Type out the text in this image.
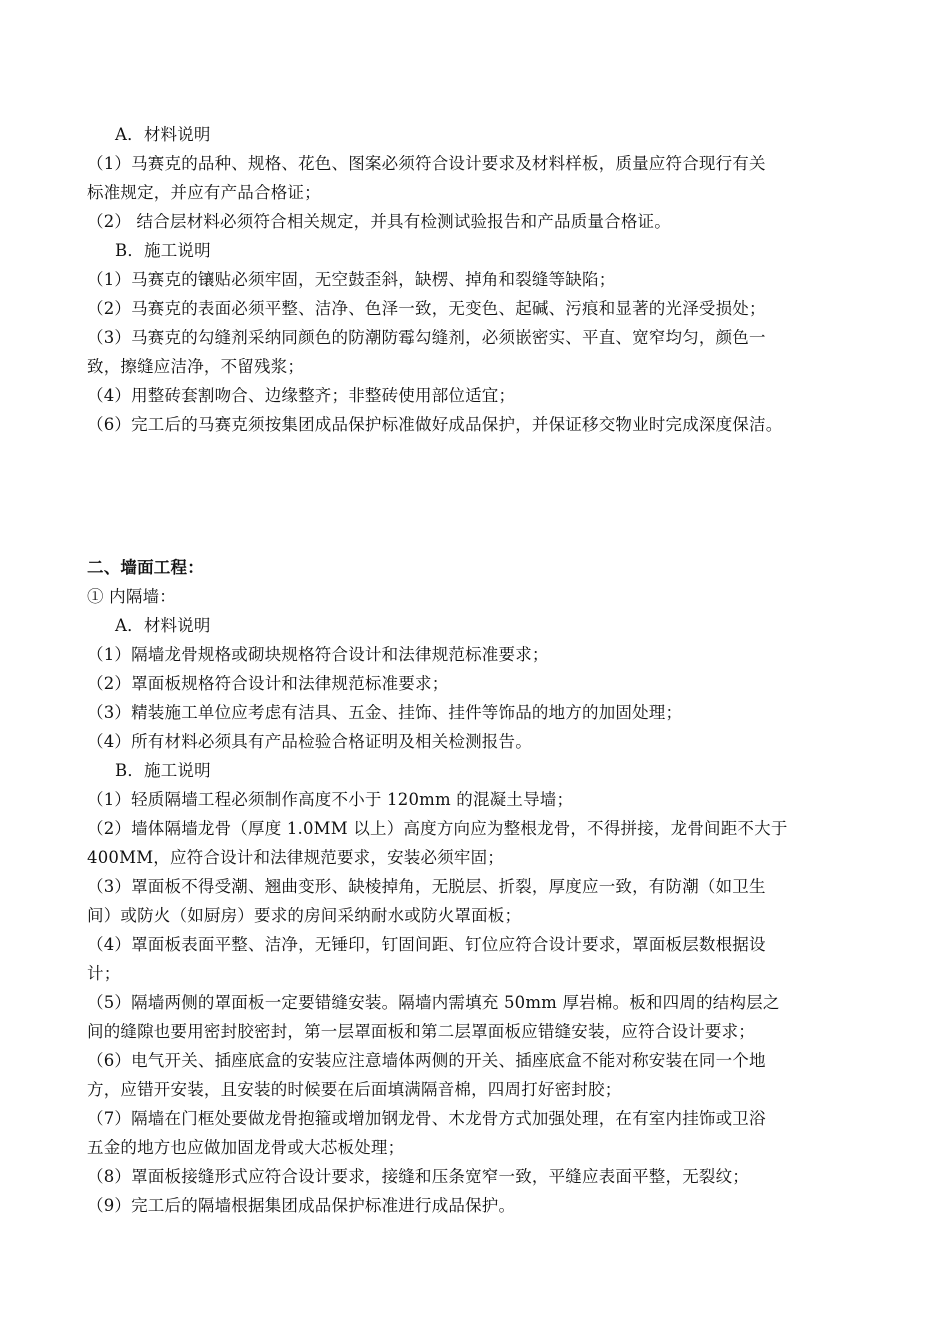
A．材料说明
（1）马赛克的品种、规格、花色、图案必须符合设计要求及材料样板，质量应符合现行有关
标准规定，并应有产品合格证；
（2） 结合层材料必须符合相关规定，并具有检测试验报告和产品质量合格证。
B．施工说明
（1）马赛克的镶贴必须牢固，无空鼓歪斜，缺楞、掉角和裂缝等缺陷；
（2）马赛克的表面必须平整、洁净、色泽一致，无变色、起碱、污痕和显著的光泽受损处；
（3）马赛克的勾缝剂采纳同颜色的防潮防霉勾缝剂，必须嵌密实、平直、宽窄均匀，颜色一
致，擦缝应洁净，不留残浆；
（4）用整砖套割吻合、边缘整齐；非整砖使用部位适宜；
（6）完工后的马赛克须按集团成品保护标准做好成品保护，并保证移交物业时完成深度保洁。
二、墙面工程：
① 内隔墙：
A．材料说明
（1）隔墙龙骨规格或砌块规格符合设计和法律规范标准要求；
（2）罩面板规格符合设计和法律规范标准要求；
（3）精装施工单位应考虑有洁具、五金、挂饰、挂件等饰品的地方的加固处理；
（4）所有材料必须具有产品检验合格证明及相关检测报告。
B．施工说明
（1）轻质隔墙工程必须制作高度不小于 120mm 的混凝土导墙；
（2）墙体隔墙龙骨（厚度 1.0MM 以上）高度方向应为整根龙骨，不得拼接，龙骨间距不大于
400MM，应符合设计和法律规范要求，安装必须牢固；
（3）罩面板不得受潮、翘曲变形、缺棱掉角，无脱层、折裂，厚度应一致，有防潮（如卫生
间）或防火（如厨房）要求的房间采纳耐水或防火罩面板；
（4）罩面板表面平整、洁净，无锤印，钉固间距、钉位应符合设计要求，罩面板层数根据设
计；
（5）隔墙两侧的罩面板一定要错缝安装。隔墙内需填充 50mm 厚岩棉。板和四周的结构层之
间的缝隙也要用密封胶密封，第一层罩面板和第二层罩面板应错缝安装，应符合设计要求；
（6）电气开关、插座底盒的安装应注意墙体两侧的开关、插座底盒不能对称安装在同一个地
方，应错开安装，且安装的时候要在后面填满隔音棉，四周打好密封胶；
（7）隔墙在门框处要做龙骨抱箍或增加钢龙骨、木龙骨方式加强处理，在有室内挂饰或卫浴
五金的地方也应做加固龙骨或大芯板处理；
（8）罩面板接缝形式应符合设计要求，接缝和压条宽窄一致，平缝应表面平整，无裂纹；
（9）完工后的隔墙根据集团成品保护标准进行成品保护。
